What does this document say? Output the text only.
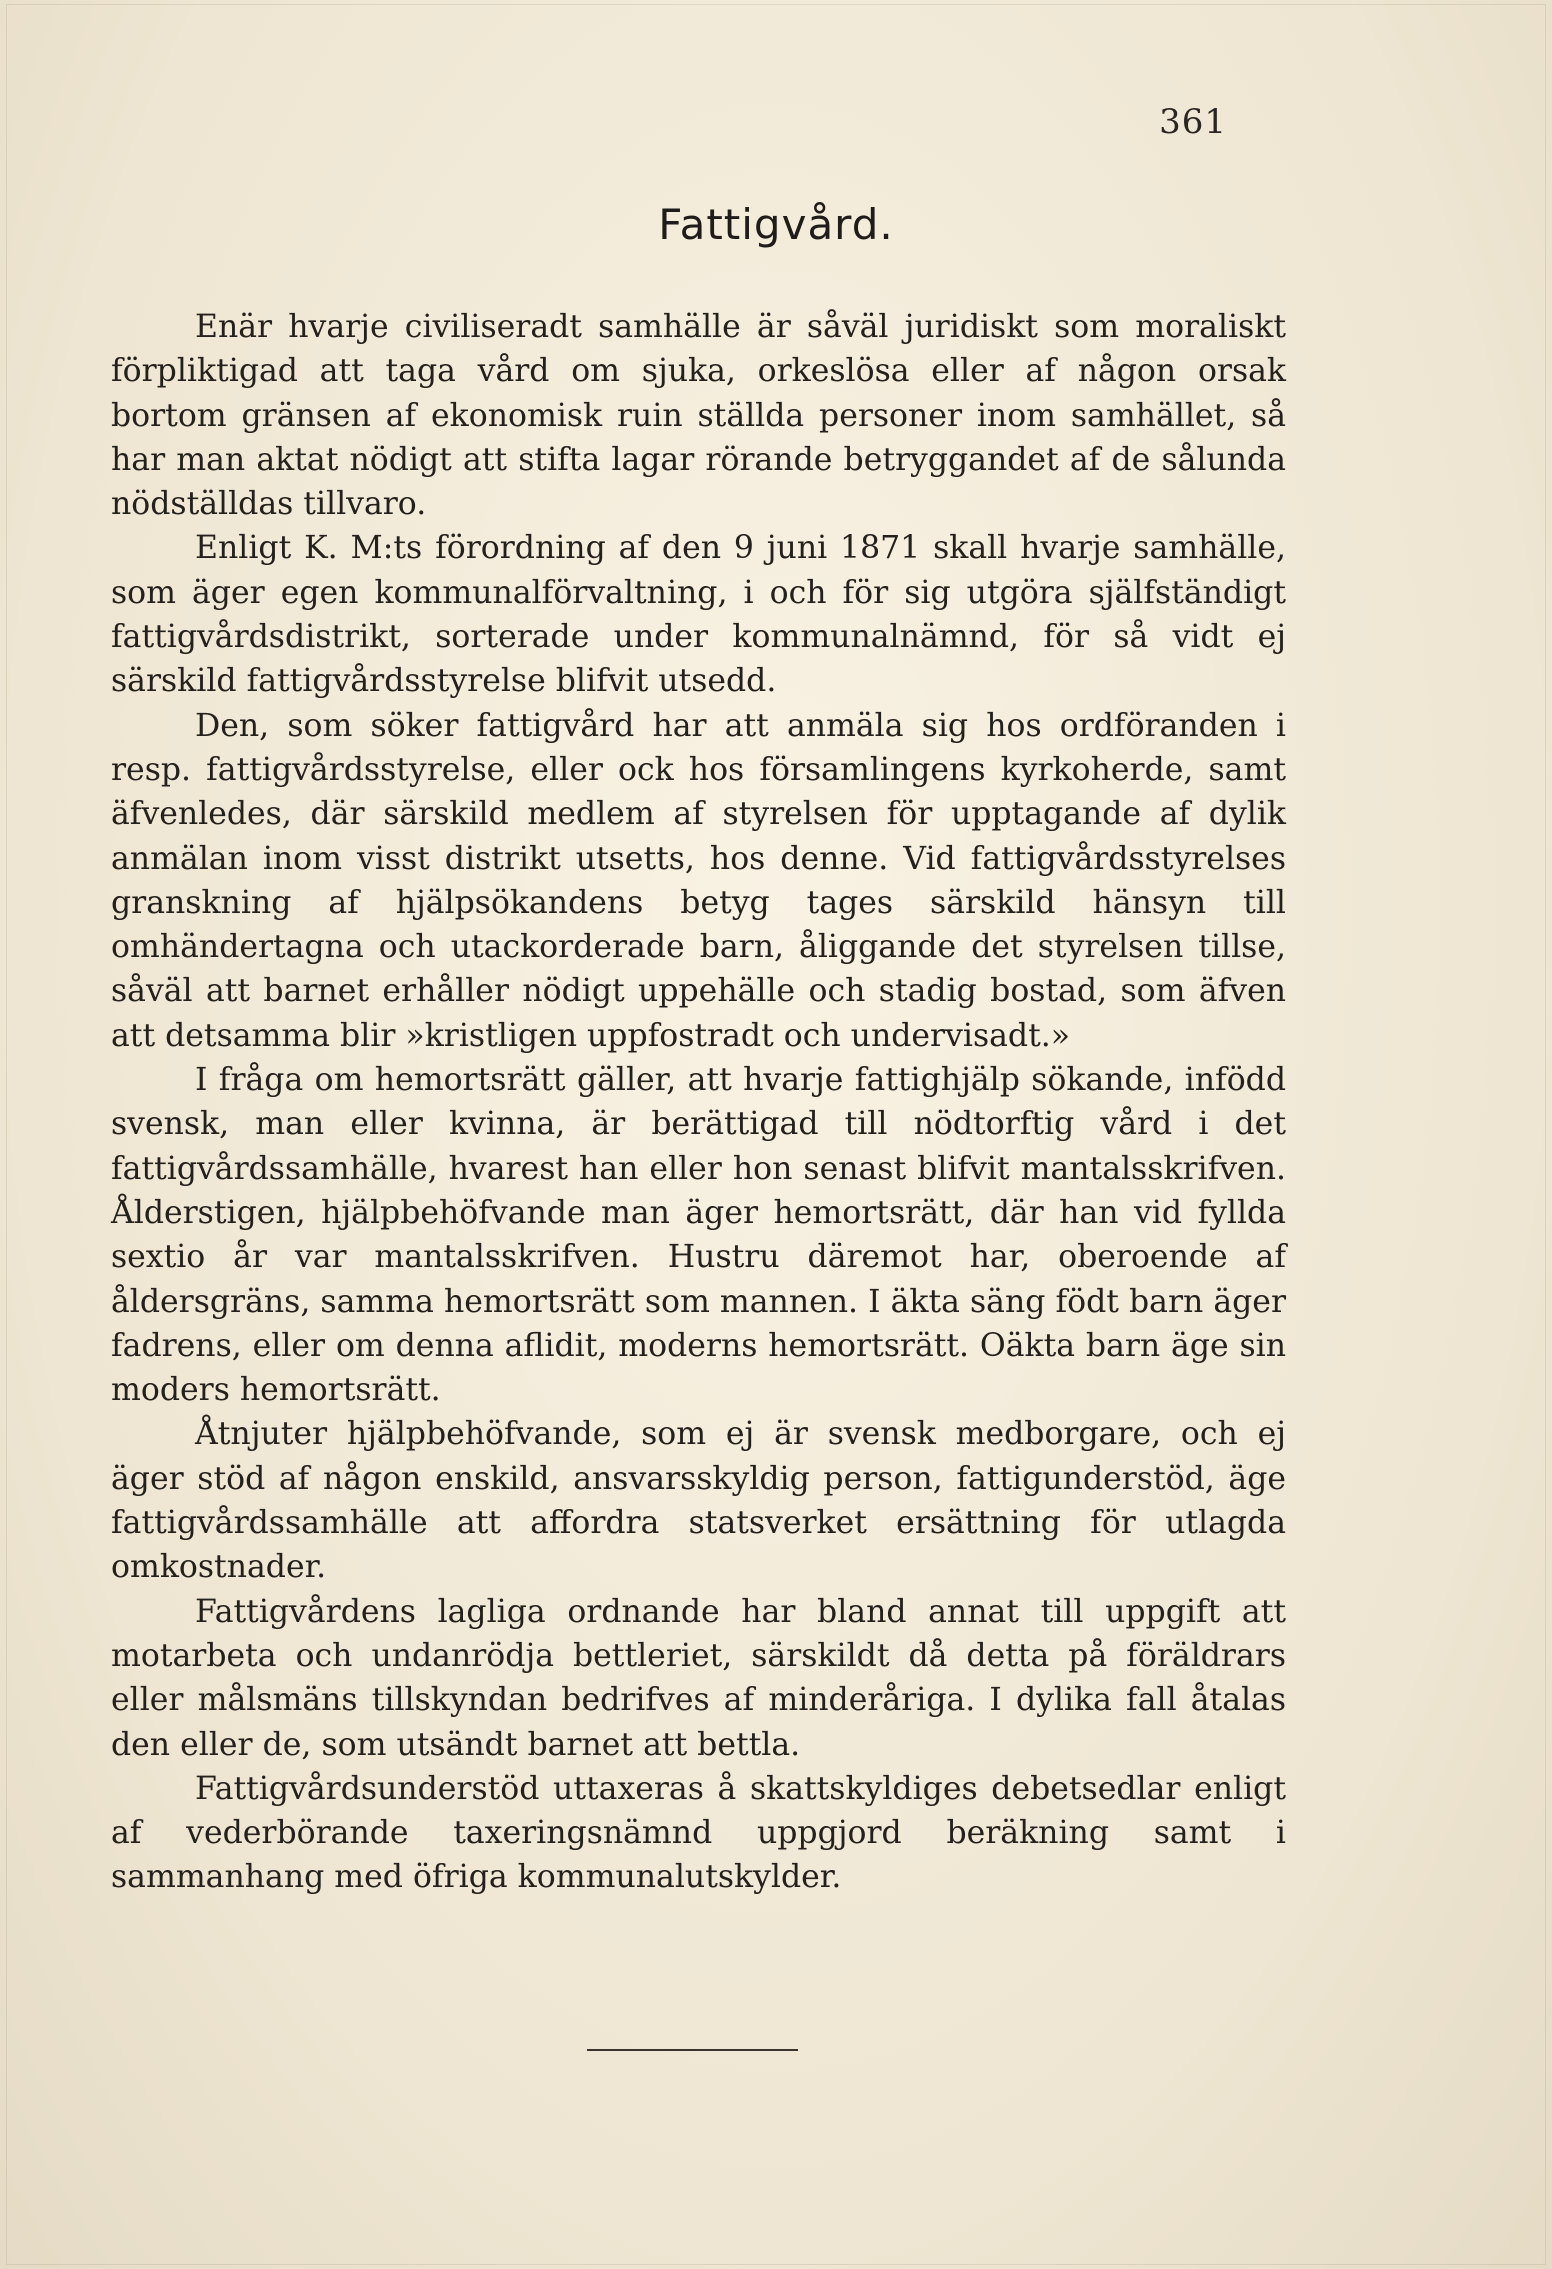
361
Fattigvård.

Enär hvarje civiliseradt samhälle är såväl juridiskt som moraliskt förpliktigad att taga vård om sjuka, orkeslösa eller af någon orsak bortom gränsen af ekonomisk ruin ställda personer inom samhället, så har man aktat nödigt att stifta lagar rörande betryggandet af de sålunda nödställdas tillvaro.

Enligt K. M:ts förordning af den 9 juni 1871 skall hvarje samhälle, som äger egen kommunalförvaltning, i och för sig utgöra själfständigt fattigvårdsdistrikt, sorterade under kommunalnämnd, för så vidt ej särskild fattigvårdsstyrelse blifvit utsedd.

Den, som söker fattigvård har att anmäla sig hos ordföranden i resp. fattigvårdsstyrelse, eller ock hos församlingens kyrkoherde, samt äfvenledes, där särskild medlem af styrelsen för upptagande af dylik anmälan inom visst distrikt utsetts, hos denne. Vid fattigvårdsstyrelses granskning af hjälpsökandens betyg tages särskild hänsyn till omhändertagna och utackorderade barn, åliggande det styrelsen tillse, såväl att barnet erhåller nödigt uppehälle och stadig bostad, som äfven att detsamma blir »kristligen uppfostradt och undervisadt.»

I fråga om hemortsrätt gäller, att hvarje fattighjälp sökande, infödd svensk, man eller kvinna, är berättigad till nödtorftig vård i det fattigvårdssamhälle, hvarest han eller hon senast blifvit mantalsskrifven. Ålderstigen, hjälpbehöfvande man äger hemortsrätt, där han vid fyllda sextio år var mantalsskrifven. Hustru däremot har, oberoende af åldersgräns, samma hemortsrätt som mannen. I äkta säng födt barn äger fadrens, eller om denna aflidit, moderns hemortsrätt. Oäkta barn äge sin moders hemortsrätt.

Åtnjuter hjälpbehöfvande, som ej är svensk medborgare, och ej äger stöd af någon enskild, ansvarsskyldig person, fattigunderstöd, äge fattigvårdssamhälle att affordra statsverket ersättning för utlagda omkostnader.

Fattigvårdens lagliga ordnande har bland annat till uppgift att motarbeta och undanrödja bettleriet, särskildt då detta på föräldrars eller målsmäns tillskyndan bedrifves af minderåriga. I dylika fall åtalas den eller de, som utsändt barnet att bettla.

Fattigvårdsunderstöd uttaxeras å skattskyldiges debetsedlar enligt af vederbörande taxeringsnämnd uppgjord beräkning samt i sammanhang med öfriga kommunalutskylder.
